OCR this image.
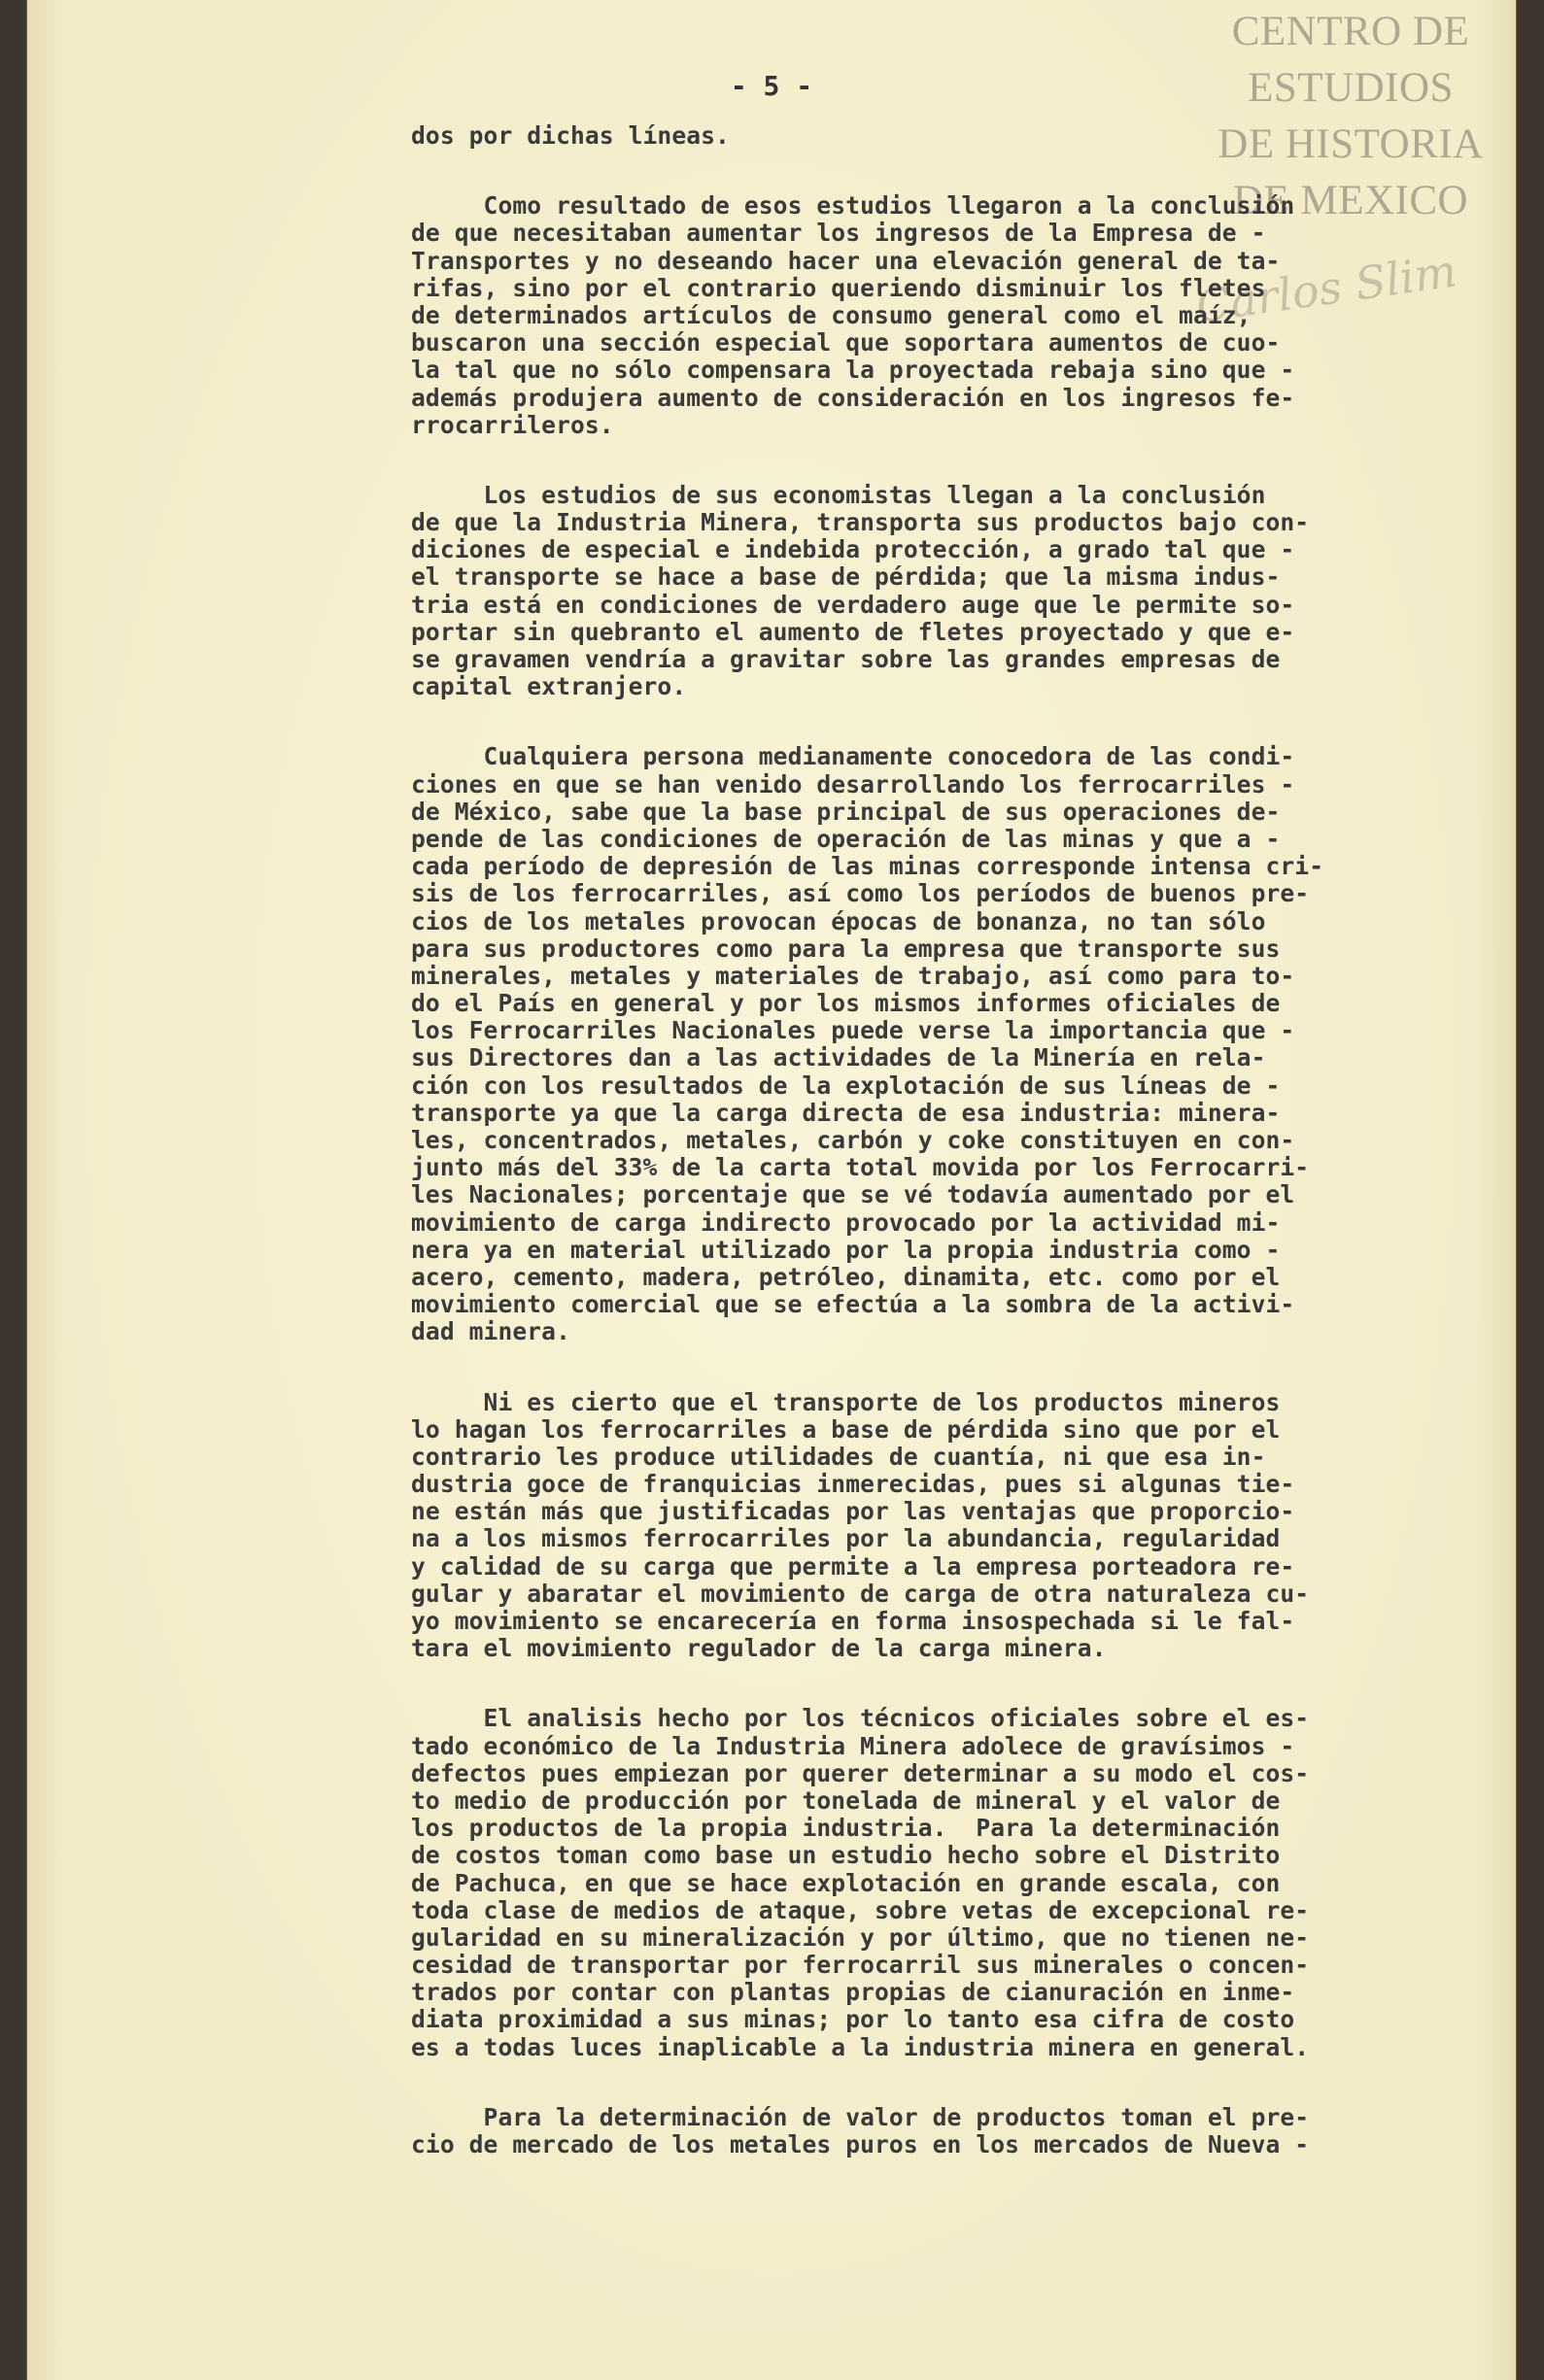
CENTRO DE
ESTUDIOS
DE HISTORIA
DE MEXICO
Carlos Slim
- 5 -
dos por dichas líneas.
Como resultado de esos estudios llegaron a la conclusión
de que necesitaban aumentar los ingresos de la Empresa de -
Transportes y no deseando hacer una elevación general de ta-
rifas, sino por el contrario queriendo disminuir los fletes
de determinados artículos de consumo general como el maíz,
buscaron una sección especial que soportara aumentos de cuo-
la tal que no sólo compensara la proyectada rebaja sino que -
además produjera aumento de consideración en los ingresos fe-
rrocarrileros.
Los estudios de sus economistas llegan a la conclusión
de que la Industria Minera, transporta sus productos bajo con-
diciones de especial e indebida protección, a grado tal que -
el transporte se hace a base de pérdida; que la misma indus-
tria está en condiciones de verdadero auge que le permite so-
portar sin quebranto el aumento de fletes proyectado y que e-
se gravamen vendría a gravitar sobre las grandes empresas de
capital extranjero.
Cualquiera persona medianamente conocedora de las condi-
ciones en que se han venido desarrollando los ferrocarriles -
de México, sabe que la base principal de sus operaciones de-
pende de las condiciones de operación de las minas y que a -
cada período de depresión de las minas corresponde intensa cri-
sis de los ferrocarriles, así como los períodos de buenos pre-
cios de los metales provocan épocas de bonanza, no tan sólo
para sus productores como para la empresa que transporte sus
minerales, metales y materiales de trabajo, así como para to-
do el País en general y por los mismos informes oficiales de
los Ferrocarriles Nacionales puede verse la importancia que -
sus Directores dan a las actividades de la Minería en rela-
ción con los resultados de la explotación de sus líneas de -
transporte ya que la carga directa de esa industria: minera-
les, concentrados, metales, carbón y coke constituyen en con-
junto más del 33% de la carta total movida por los Ferrocarri-
les Nacionales; porcentaje que se vé todavía aumentado por el
movimiento de carga indirecto provocado por la actividad mi-
nera ya en material utilizado por la propia industria como -
acero, cemento, madera, petróleo, dinamita, etc. como por el
movimiento comercial que se efectúa a la sombra de la activi-
dad minera.
Ni es cierto que el transporte de los productos mineros
lo hagan los ferrocarriles a base de pérdida sino que por el
contrario les produce utilidades de cuantía, ni que esa in-
dustria goce de franquicias inmerecidas, pues si algunas tie-
ne están más que justificadas por las ventajas que proporcio-
na a los mismos ferrocarriles por la abundancia, regularidad
y calidad de su carga que permite a la empresa porteadora re-
gular y abaratar el movimiento de carga de otra naturaleza cu-
yo movimiento se encarecería en forma insospechada si le fal-
tara el movimiento regulador de la carga minera.
El analisis hecho por los técnicos oficiales sobre el es-
tado económico de la Industria Minera adolece de gravísimos -
defectos pues empiezan por querer determinar a su modo el cos-
to medio de producción por tonelada de mineral y el valor de
los productos de la propia industria.  Para la determinación
de costos toman como base un estudio hecho sobre el Distrito
de Pachuca, en que se hace explotación en grande escala, con
toda clase de medios de ataque, sobre vetas de excepcional re-
gularidad en su mineralización y por último, que no tienen ne-
cesidad de transportar por ferrocarril sus minerales o concen-
trados por contar con plantas propias de cianuración en inme-
diata proximidad a sus minas; por lo tanto esa cifra de costo
es a todas luces inaplicable a la industria minera en general.
Para la determinación de valor de productos toman el pre-
cio de mercado de los metales puros en los mercados de Nueva -
